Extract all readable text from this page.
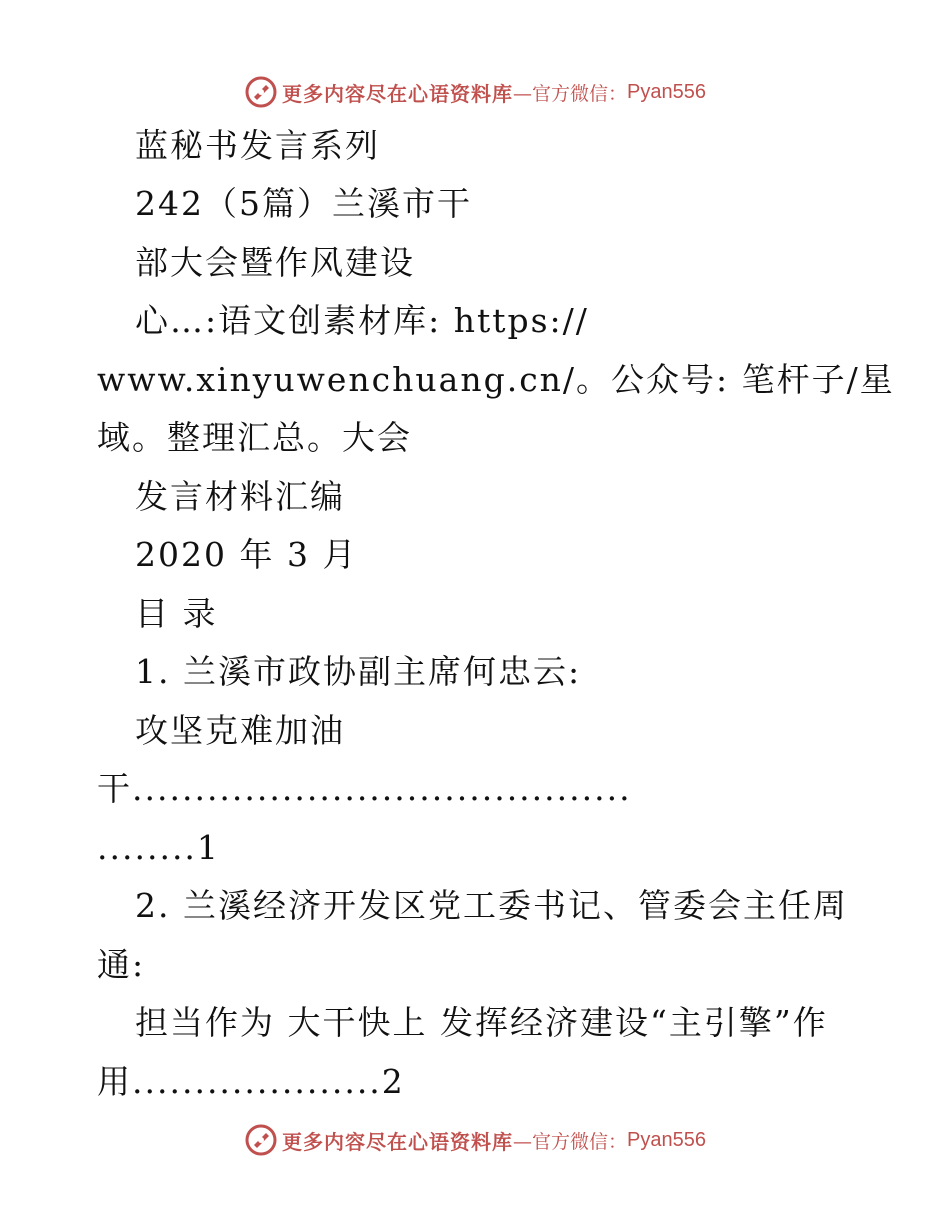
更多内容尽在心语资料库 —官方微信： Pyan556
蓝秘书发言系列
242（5篇）兰溪市干
部大会暨作风建设
心…:语文创素材库: https://
www.xinyuwenchuang.cn/。公众号: 笔杆子/星
域。整理汇总。大会
发言材料汇编
2020 年 3 月
目 录
1. 兰溪市政协副主席何忠云:
攻坚克难加油
干........................................
........1
2. 兰溪经济开发区党工委书记、管委会主任周
通:
担当作为 大干快上 发挥经济建设“主引擎”作
用....................2
更多内容尽在心语资料库 —官方微信： Pyan556
